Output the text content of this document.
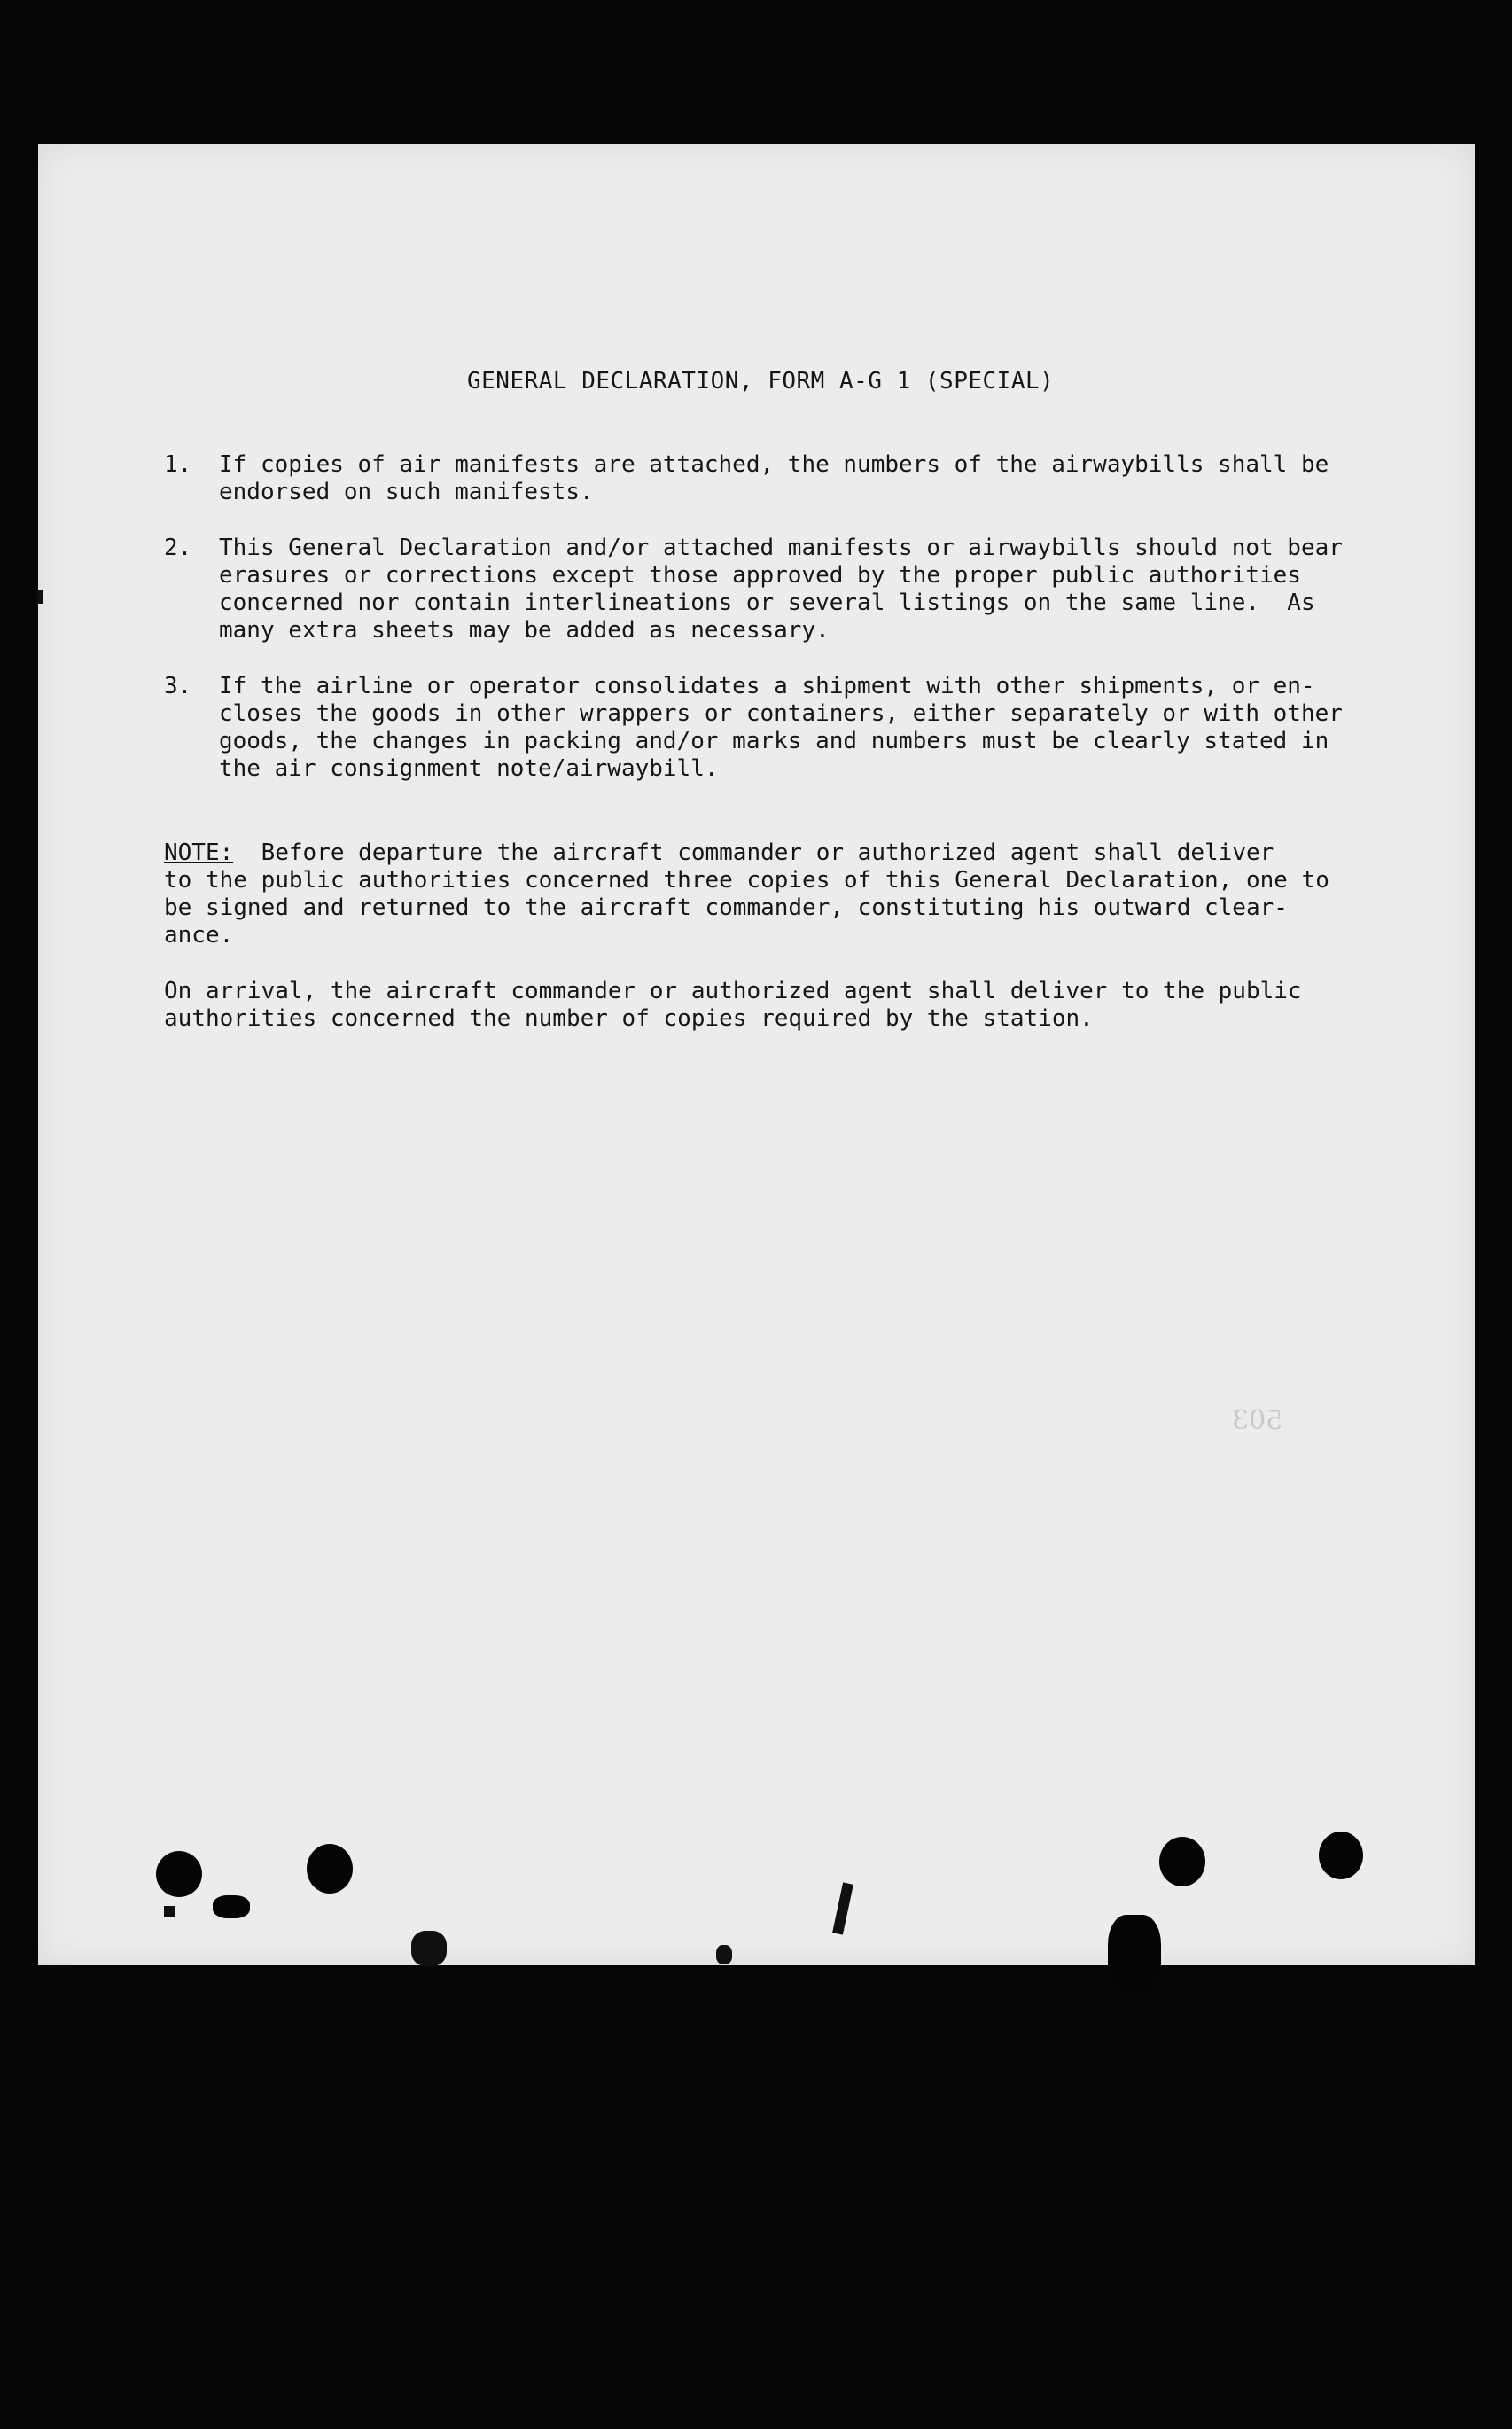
GENERAL DECLARATION, FORM A-G 1 (SPECIAL)

1. If copies of air manifests are attached, the numbers of the airwaybills shall be

endorsed on such manifests.

2. This General Declaration and/or attached manifests or airwaybills should not bear

erasures or corrections except those approved by the proper public authorities

concerned nor contain interlineations or several listings on the same line.  As

many extra sheets may be added as necessary.

3. If the airline or operator consolidates a shipment with other shipments, or en-

closes the goods in other wrappers or containers, either separately or with other

goods, the changes in packing and/or marks and numbers must be clearly stated in

the air consignment note/airwaybill.

NOTE:  Before departure the aircraft commander or authorized agent shall deliver

to the public authorities concerned three copies of this General Declaration, one to

be signed and returned to the aircraft commander, constituting his outward clear-

ance.

On arrival, the aircraft commander or authorized agent shall deliver to the public

authorities concerned the number of copies required by the station.

503
